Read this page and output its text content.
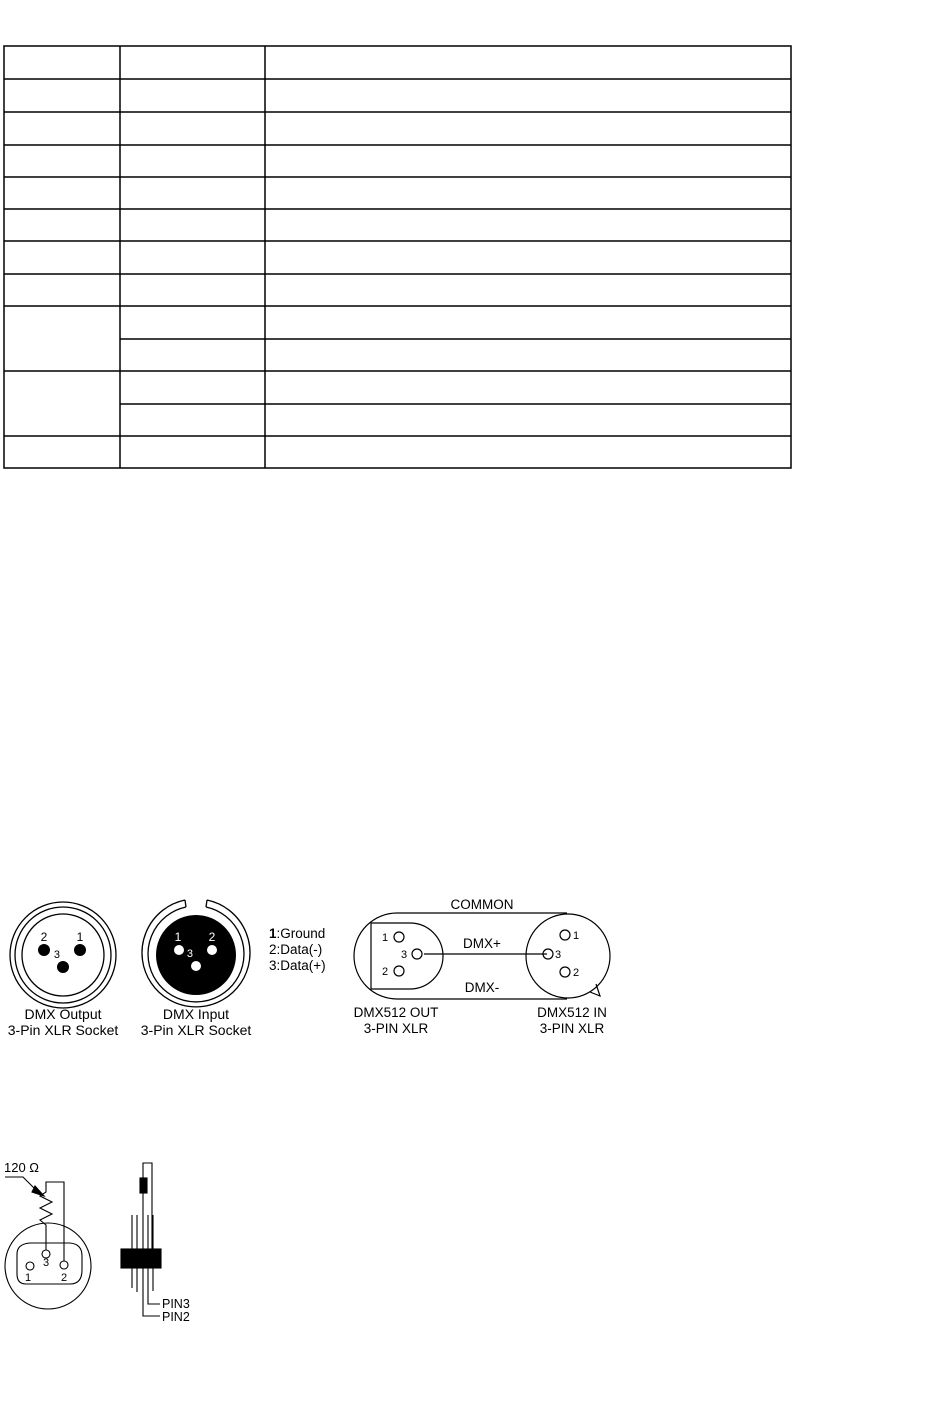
2 1
3
DMX Output
3-Pin XLR Socket
1 2
3
DMX Input
3-Pin XLR Socket
1:Ground
2:Data(-)
3:Data(+)
COMMON
DMX+
DMX-
1
3
2
1
3
2
DMX512 OUT
3-PIN XLR
DMX512 IN
3-PIN XLR
120 Ω
1
3
2
PIN3
PIN2
